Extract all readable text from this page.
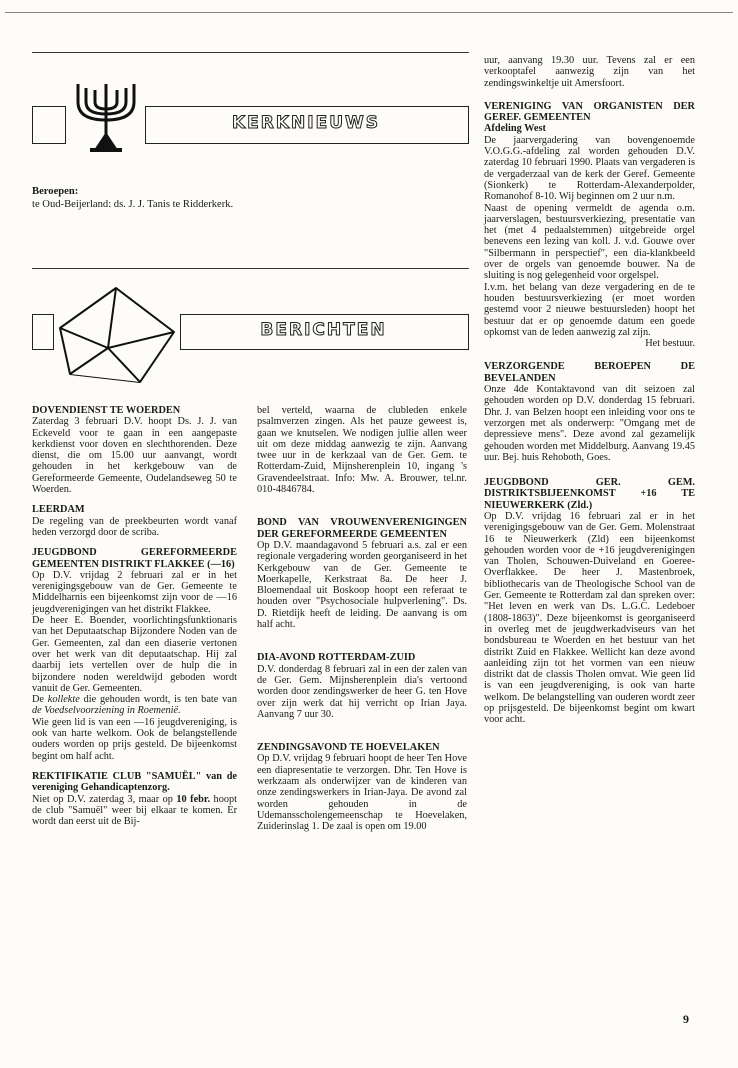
KERKNIEUWS
Beroepen:
te Oud-Beijerland: ds. J. J. Tanis te Ridderkerk.
BERICHTEN
DOVENDIENST TE WOERDEN
Zaterdag 3 februari D.V. hoopt Ds. J. J. van Eckeveld voor te gaan in een aangepaste kerkdienst voor doven en slechthorenden. Deze dienst, die om 15.00 uur aanvangt, wordt gehouden in het kerkgebouw van de Gereformeerde Gemeente, Oudelandseweg 50 te Woerden.
LEERDAM
De regeling van de preekbeurten wordt vanaf heden verzorgd door de scriba.
JEUGDBOND GEREFORMEERDE GEMEENTEN DISTRIKT FLAKKEE (—16)
Op D.V. vrijdag 2 februari zal er in het verenigingsgebouw van de Ger. Gemeente te Middelharnis een bijeenkomst zijn voor de —16 jeugdverenigingen van het distrikt Flakkee.
De heer E. Boender, voorlichtingsfunktionaris van het Deputaatschap Bijzondere Noden van de Ger. Gemeenten, zal dan een diaserie vertonen over het werk van dit deputaatschap. Hij zal daarbij iets vertellen over de hulp die in bijzondere noden wereldwijd geboden wordt vanuit de Ger. Gemeenten.
De kollekte die gehouden wordt, is ten bate van de Voedselvoorziening in Roemenië.
Wie geen lid is van een —16 jeugdvereniging, is ook van harte welkom. Ook de belangstellende ouders worden op prijs gesteld. De bijeenkomst begint om half acht.
REKTIFIKATIE CLUB "SAMUËL" van de vereniging Gehandicaptenzorg.
Niet op D.V. zaterdag 3, maar op 10 febr. hoopt de club "Samuël" weer bij elkaar te komen. Er wordt dan eerst uit de Bij-
bel verteld, waarna de clubleden enkele psalmverzen zingen. Als het pauze geweest is, gaan we knutselen. We nodigen jullie allen weer uit om deze middag aanwezig te zijn. Aanvang twee uur in de kerkzaal van de Ger. Gem. te Rotterdam-Zuid, Mijnsherenplein 10, ingang 's Gravendeelstraat. Info: Mw. A. Brouwer, tel.nr. 010-4846784.
BOND VAN VROUWENVERENIGINGEN DER GEREFORMEERDE GEMEENTEN
Op D.V. maandagavond 5 februari a.s. zal er een regionale vergadering worden georganiseerd in het Kerkgebouw van de Ger. Gemeente te Moerkapelle, Kerkstraat 8a. De heer J. Bloemendaal uit Boskoop hoopt een referaat te houden over "Psychosociale hulpverlening". Ds. D. Rietdijk heeft de leiding. De aanvang is om half acht.
DIA-AVOND ROTTERDAM-ZUID
D.V. donderdag 8 februari zal in een der zalen van de Ger. Gem. Mijnsherenplein dia's vertoond worden door zendingswerker de heer G. ten Hove over zijn werk dat hij verricht op Irian Jaya. Aanvang 7 uur 30.
ZENDINGSAVOND TE HOEVELAKEN
Op D.V. vrijdag 9 februari hoopt de heer Ten Hove een diapresentatie te verzorgen. Dhr. Ten Hove is werkzaam als onderwijzer van de kinderen van onze zendingswerkers in Irian-Jaya. De avond zal worden gehouden in de Udemansscholengemeenschap te Hoevelaken, Zuiderinslag 1. De zaal is open om 19.00
uur, aanvang 19.30 uur. Tevens zal er een verkooptafel aanwezig zijn van het zendingswinkeltje uit Amersfoort.
VERENIGING VAN ORGANISTEN DER GEREF. GEMEENTEN
Afdeling West
De jaarvergadering van bovengenoemde V.O.G.G.-afdeling zal worden gehouden D.V. zaterdag 10 februari 1990. Plaats van vergaderen is de vergaderzaal van de kerk der Geref. Gemeente (Sionkerk) te Rotterdam-Alexanderpolder, Romanohof 8-10. Wij beginnen om 2 uur n.m.
Naast de opening vermeldt de agenda o.m. jaarverslagen, bestuursverkiezing, presentatie van het (met 4 pedaalstemmen) uitgebreide orgel benevens een lezing van koll. J. v.d. Gouwe over "Silbermann in perspectief", een dia-klankbeeld over de orgels van genoemde bouwer. Na de sluiting is nog gelegenheid voor orgelspel.
I.v.m. het belang van deze vergadering en de te houden bestuursverkiezing (er moet worden gestemd voor 2 nieuwe bestuursleden) hoopt het bestuur dat er op genoemde datum een goede opkomst van de leden aanwezig zal zijn.
Het bestuur.
VERZORGENDE BEROEPEN DE BEVELANDEN
Onze 4de Kontaktavond van dit seizoen zal gehouden worden op D.V. donderdag 15 februari. Dhr. J. van Belzen hoopt een inleiding voor ons te verzorgen met als onderwerp: "Omgang met de depressieve mens". Deze avond zal gezamelijk gehouden worden met Middelburg. Aanvang 19.45 uur. Bej. huis Rehoboth, Goes.
JEUGDBOND GER. GEM. DISTRIKTSBIJEENKOMST +16 TE NIEUWERKERK (Zld.)
Op D.V. vrijdag 16 februari zal er in het verenigingsgebouw van de Ger. Gem. Molenstraat 16 te Nieuwerkerk (Zld) een bijeenkomst gehouden worden voor de +16 jeugdverenigingen van Tholen, Schouwen-Duiveland en Goeree-Overflakkee. De heer J. Mastenbroek, bibliothecaris van de Theologische School van de Ger. Gemeente te Rotterdam zal dan spreken over: "Het leven en werk van Ds. L.G.C. Ledeboer (1808-1863)". Deze bijeenkomst is georganiseerd in overleg met de jeugdwerkadviseurs van het bondsbureau te Woerden en het bestuur van het distrikt Zuid en Flakkee. Wellicht kan deze avond aanleiding zijn tot het vormen van een nieuw distrikt dat de classis Tholen omvat. Wie geen lid is van een jeugdvereniging, is ook van harte welkom. De belangstelling van ouderen wordt zeer op prijsgesteld. De bijeenkomst begint om kwart voor acht.
9
